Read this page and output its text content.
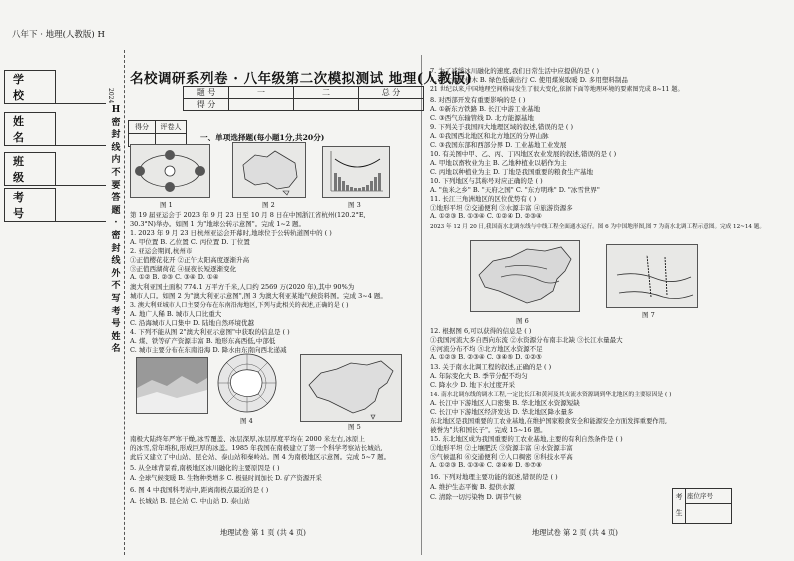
八年下 · 地理(人教版) H
学 校
姓 名
班 级
考 号
2024
H密封线内不要答题·密封线外不写考号姓名
名校调研系列卷 · 八年级第二次模拟测试 地理(人教版)
题 号	一	二	总 分
得 分			
得分	评卷人

一、单项选择题(每小题1分,共20分)
图 1	图 2	图 3
第 19 届亚运会于 2023 年 9 月 23 日至 10 月 8 日在中国浙江省杭州(120.2°E,
30.3°N)举办。如图 1 为"地球公转示意图"。完成 1~2 题。
1. 2023 年 9 月 23 日杭州亚运会开幕时,地球位于公转轨道图中的 ( )
A. 甲位置 B. 乙位置 C. 丙位置 D. 丁位置
2. 亚运会期间,杭州市
①正值樱花花开 ②正午太阳高度逐渐升高
③正值西湖荷花 ④昼夜长短逐渐变化
A. ①② B. ②③ C. ③④ D. ①④
澳大利亚国土面积 774.1 万平方千米,人口约 2569 万(2020 年),其中 90%为
城市人口。如图 2 为"澳大利亚示意图",图 3 为澳大利亚某地气候资料图。完成 3~4 题。
3. 澳大利亚城市人口主要分布在东南沿海地区,下列与此相关的表述,正确的是 ( )
A. 地广人稀 B. 城市人口比重大
C. 沿海城市人口集中 D. 陆地自然环境优越
4. 下列不能从图 2"澳大利亚示意图"中获取的信息是 ( )
A. 煤、铁等矿产资源丰富 B. 地形东高西低,中部低
C. 城市主要分布在东南沿海 D. 降水由东南向西北递减
图 4
图 5
南极大陆终年严寒干燥,冰雪覆盖、冰层深厚,冰层厚度平均在 2000 米左右,冰原上
的冰雪,常年堆积,形成巨厚的冰盖。1985 年我国在南极建立了第一个科学考察站长城站,
此后又建立了中山站、昆仑站、泰山站和秦岭站。图 4 为南极地区示意图。完成 5~7 题。
5. 从全球背景看,南极地区冰川融化的主要原因是 ( )
A. 全球气候变暖 B. 生物种类增多 C. 极昼时间加长 D. 矿产资源开采
6. 图 4 中我国科考站中,距离南极点最近的是 ( )
A. 长城站 B. 昆仑站 C. 中山站 D. 泰山站
地理试卷 第 1 页 (共 4 页)
7. 为了减缓冰川融化的速度,我们日常生活中应提倡的是 ( )
A. 加大砍伐树木 B. 绿色低碳出行 C. 使用煤炭取暖 D. 多用塑料制品
21 世纪以来,中国地理空间格局发生了很大变化,依据下面等地理环境的要素图完成 8~11 题。
8. 对西部开发有重要影响的是 ( )
A. ①新东方铁路 B. 长江中游工业基地
C. ③西气东输管线 D. 北方能源基地
9. 下列关于我国四大地理区域的叙述,错误的是 ( )
A. ①我国西北地区和北方地区的分界山脉
C. ③我国东部和西部分界 D. 工业基地工业发展
10. 有关图中甲、乙、丙、丁四地区农业发展的叙述,错误的是 ( )
A. 甲地以畜牧业为主 B. 乙地种植业以稻作为主
C. 丙地以种植业为主 D. 丁地是我国重要的粮食生产基地
10. 下列地区与其称号对应正确的是 ( )
A. "鱼米之乡" B. "天府之国" C. "东方明珠" D. "冰雪世界"
11. 长江三角洲地区的区位优势有 ( )
①地形平坦 ②交通便利 ③水源丰富 ④旅游资源多
A. ①②③ B. ①③④ C. ①②④ D. ②③④
2023 年 12 月 20 日,我国南水北调东线与中线工程全面通水运行。图 6 为中国地形图,图 7 为南水北调工程示意图。完成 12~14 题。
图 6
图 7
12. 根据图 6,可以获得的信息是 ( )
①我国河流大多自西向东流 ②水资源分布南丰北缺 ③长江水量最大
④河流分布不均 ⑤北方地区水资源不足
A. ①②③ B. ②③④ C. ③④⑤ D. ①②⑤
13. 关于南水北调工程的叙述,正确的是 ( )
A. 年际变化大 B. 季节分配不均匀
C. 降水少 D. 地下水过度开采
14. 南水北调东线的调水工程,一定比长江和黄河及其支流水资源调到华北地区的主要原因是 ( )
A. 长江中下游地区人口密集 B. 华北地区水资源短缺
C. 长江中下游地区经济发达 D. 华北地区降水量多
东北地区是我国重要的工农业基地,在维护国家粮食安全和能源安全方面发挥重要作用,
被誉为"共和国长子"。完成 15~16 题。
15. 东北地区成为我国重要的工农业基地,主要的有利自然条件是 ( )
①地形平坦 ②土壤肥沃 ③资源丰富 ④水资源丰富
⑤气候温和 ⑥交通便利 ⑦人口稠密 ⑧科技水平高
A. ①②③ B. ①③④ C. ②④⑥ D. ⑤⑦⑧
16. 下列对地理主要功能的叙述,错误的是 ( )
A. 维护生态平衡 B. 提供水源
C. 清除一切污染物 D. 调节气候	考生
座位序号
地理试卷 第 2 页 (共 4 页)
